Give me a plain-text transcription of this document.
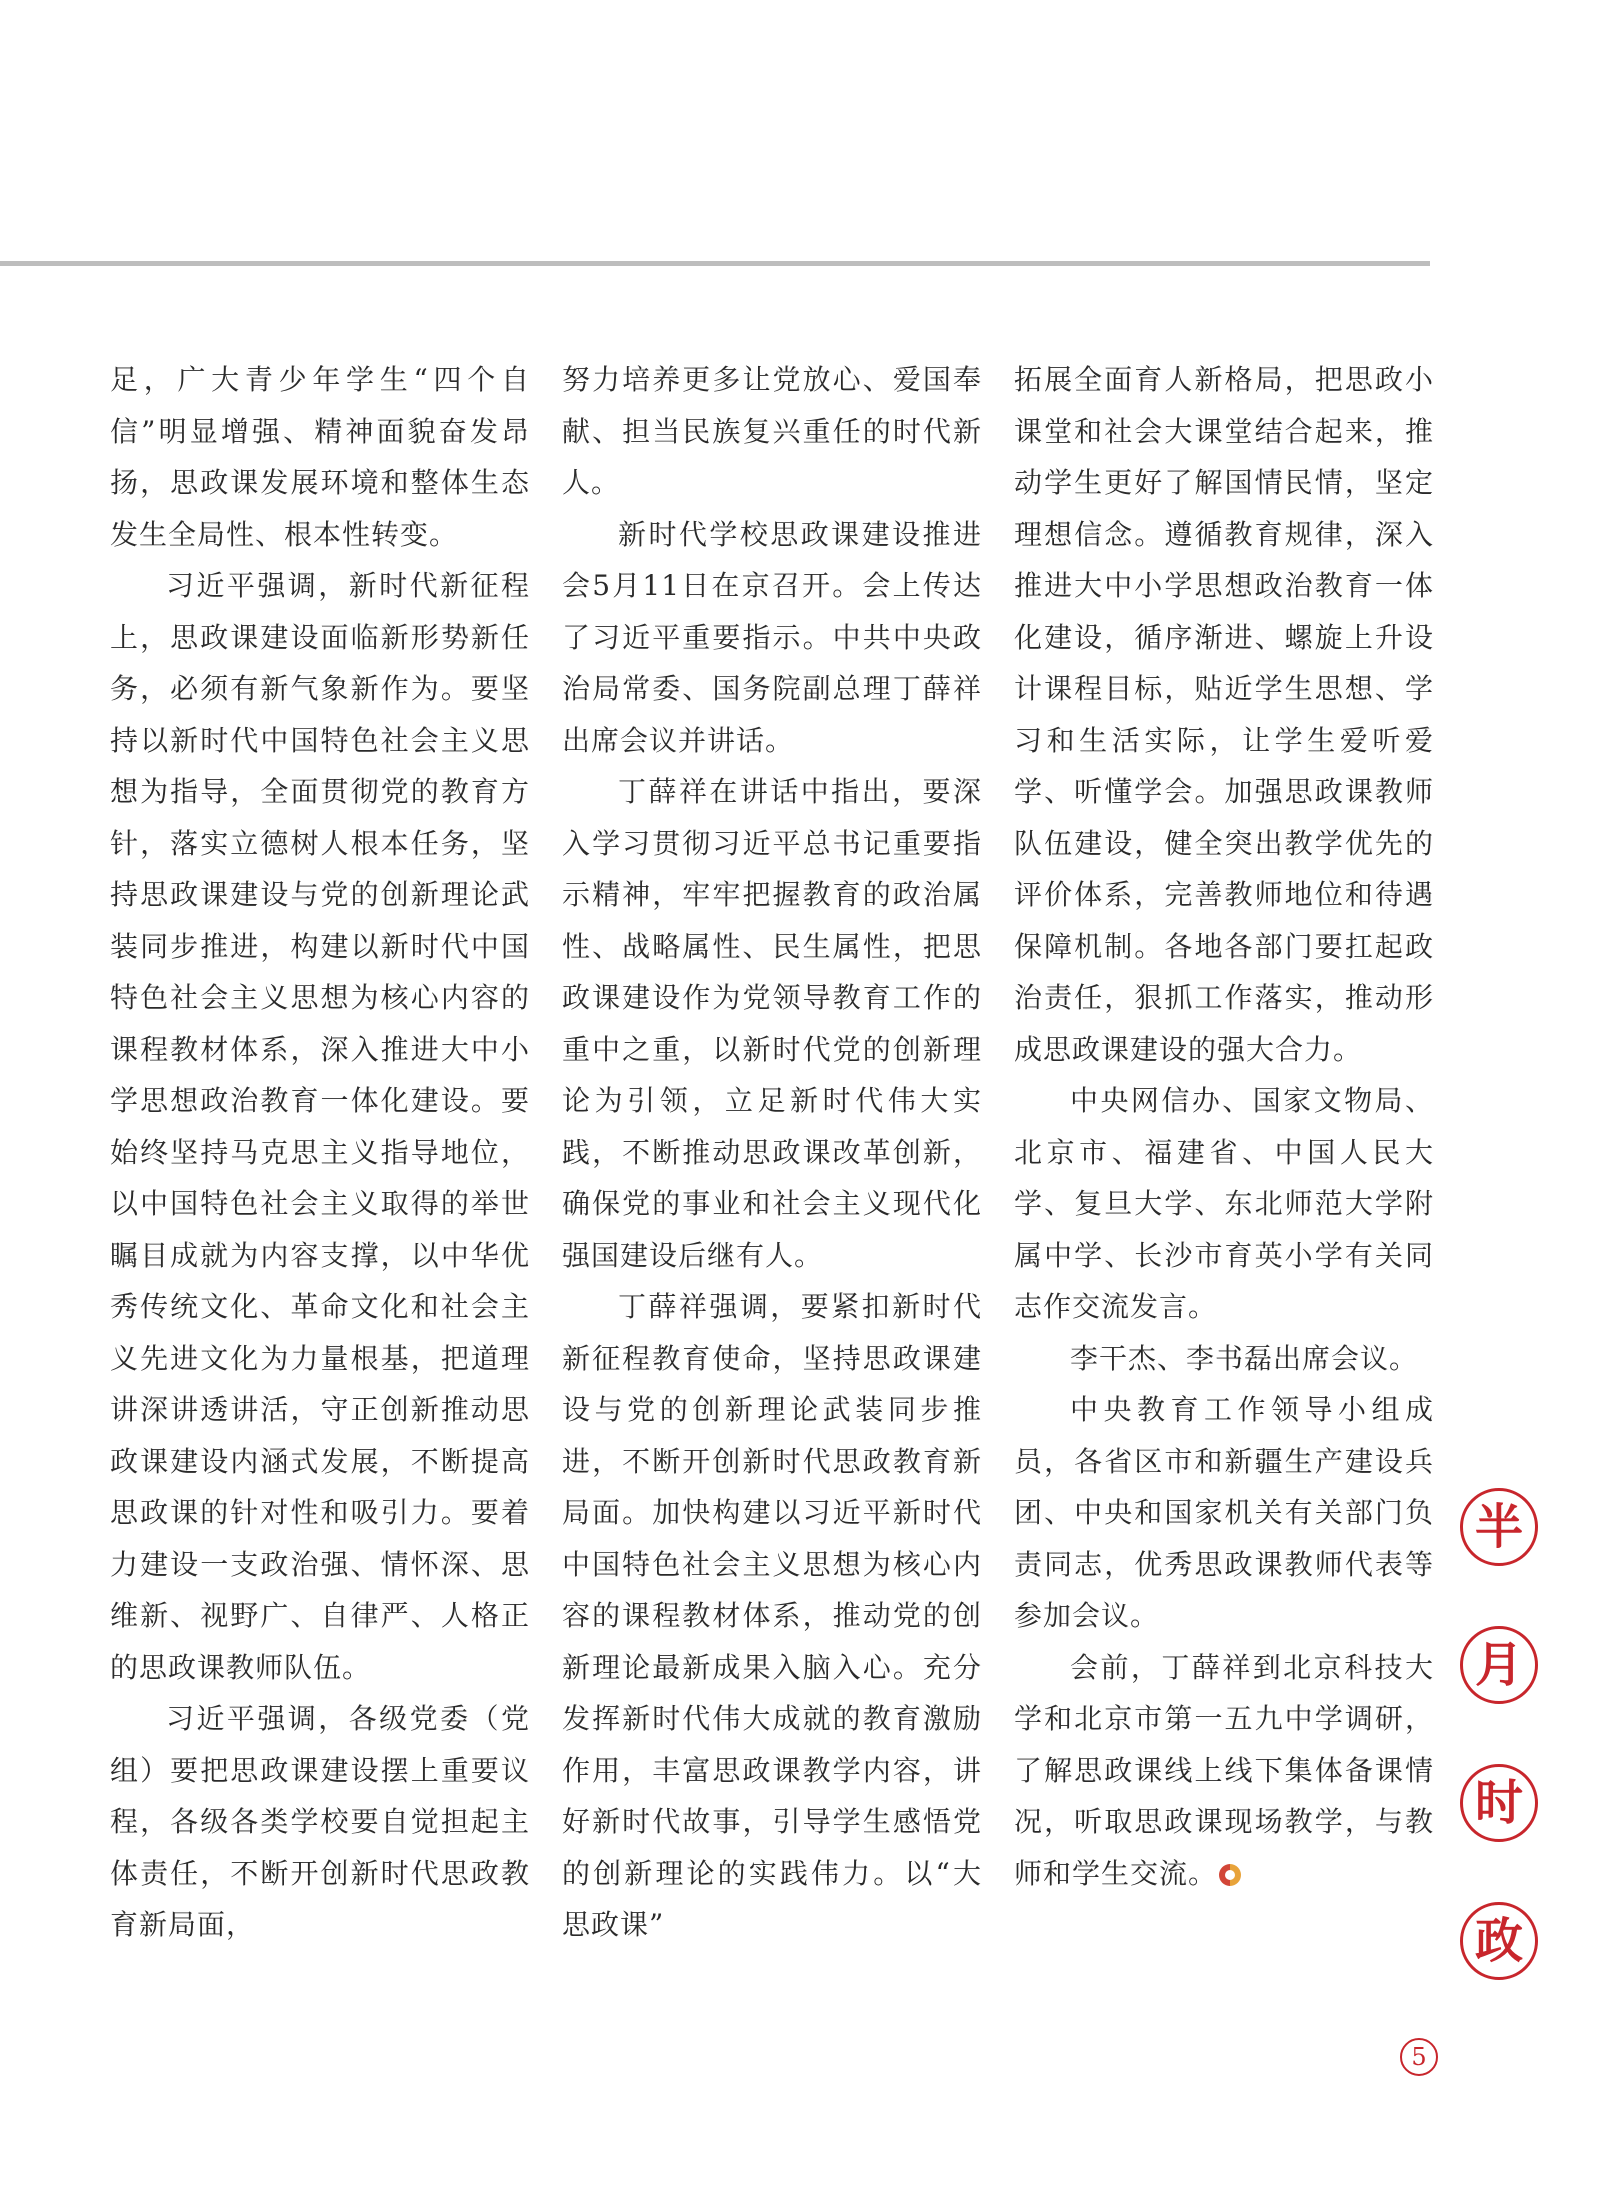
足，广大青少年学生“四个自信”明显增强、精神面貌奋发昂扬，思政课发展环境和整体生态发生全局性、根本性转变。

习近平强调，新时代新征程上，思政课建设面临新形势新任务，必须有新气象新作为。要坚持以新时代中国特色社会主义思想为指导，全面贯彻党的教育方针，落实立德树人根本任务，坚持思政课建设与党的创新理论武装同步推进，构建以新时代中国特色社会主义思想为核心内容的课程教材体系，深入推进大中小学思想政治教育一体化建设。要始终坚持马克思主义指导地位，以中国特色社会主义取得的举世瞩目成就为内容支撑，以中华优秀传统文化、革命文化和社会主义先进文化为力量根基，把道理讲深讲透讲活，守正创新推动思政课建设内涵式发展，不断提高思政课的针对性和吸引力。要着力建设一支政治强、情怀深、思维新、视野广、自律严、人格正的思政课教师队伍。

习近平强调，各级党委（党组）要把思政课建设摆上重要议程，各级各类学校要自觉担起主体责任，不断开创新时代思政教育新局面，

努力培养更多让党放心、爱国奉献、担当民族复兴重任的时代新人。

新时代学校思政课建设推进会5月11日在京召开。会上传达了习近平重要指示。中共中央政治局常委、国务院副总理丁薛祥出席会议并讲话。

丁薛祥在讲话中指出，要深入学习贯彻习近平总书记重要指示精神，牢牢把握教育的政治属性、战略属性、民生属性，把思政课建设作为党领导教育工作的重中之重，以新时代党的创新理论为引领，立足新时代伟大实践，不断推动思政课改革创新，确保党的事业和社会主义现代化强国建设后继有人。

丁薛祥强调，要紧扣新时代新征程教育使命，坚持思政课建设与党的创新理论武装同步推进，不断开创新时代思政教育新局面。加快构建以习近平新时代中国特色社会主义思想为核心内容的课程教材体系，推动党的创新理论最新成果入脑入心。充分发挥新时代伟大成就的教育激励作用，丰富思政课教学内容，讲好新时代故事，引导学生感悟党的创新理论的实践伟力。以“大思政课”

拓展全面育人新格局，把思政小课堂和社会大课堂结合起来，推动学生更好了解国情民情，坚定理想信念。遵循教育规律，深入推进大中小学思想政治教育一体化建设，循序渐进、螺旋上升设计课程目标，贴近学生思想、学习和生活实际，让学生爱听爱学、听懂学会。加强思政课教师队伍建设，健全突出教学优先的评价体系，完善教师地位和待遇保障机制。各地各部门要扛起政治责任，狠抓工作落实，推动形成思政课建设的强大合力。

中央网信办、国家文物局、北京市、福建省、中国人民大学、复旦大学、东北师范大学附属中学、长沙市育英小学有关同志作交流发言。

李干杰、李书磊出席会议。

中央教育工作领导小组成员，各省区市和新疆生产建设兵团、中央和国家机关有关部门负责同志，优秀思政课教师代表等参加会议。

会前，丁薛祥到北京科技大学和北京市第一五九中学调研，了解思政课线上线下集体备课情况，听取思政课现场教学，与教师和学生交流。

半
月
时
政
5
